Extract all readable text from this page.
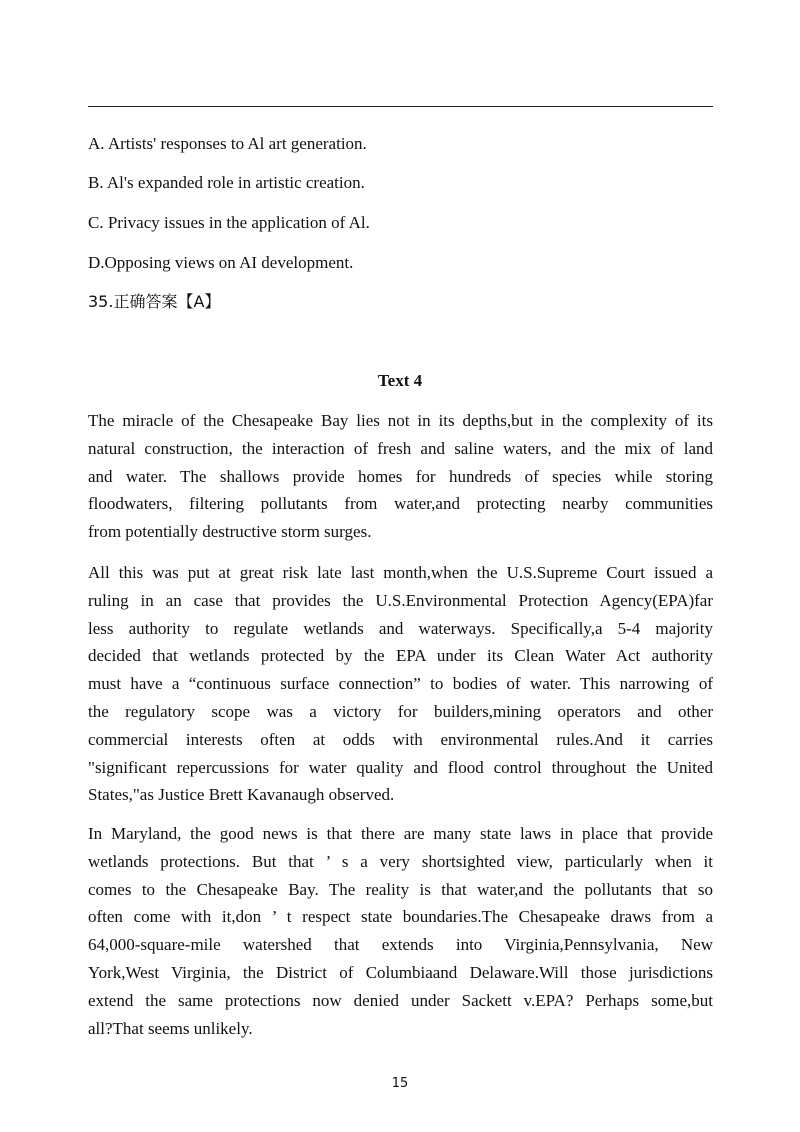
A. Artists' responses to Al art generation.
B. Al's expanded role in artistic creation.
C. Privacy issues in the application of Al.
D.Opposing views on AI development.
35.正确答案【A】
Text 4
The miracle of the Chesapeake Bay lies not in its depths,but in the complexity of its
natural construction, the interaction of fresh and saline waters, and the mix of land
and water. The shallows provide homes for hundreds of species while storing
floodwaters, filtering pollutants from water,and protecting nearby communities
from potentially destructive storm surges.
All this was put at great risk late last month,when the U.S.Supreme Court issued a
ruling in an case that provides the U.S.Environmental Protection Agency(EPA)far
less authority to regulate wetlands and waterways. Specifically,a 5-4 majority
decided that wetlands protected by the EPA under its Clean Water Act authority
must have a “continuous surface connection” to bodies of water. This narrowing of
the regulatory scope was a victory for builders,mining operators and other
commercial interests often at odds with environmental rules.And it carries
"significant repercussions for water quality and flood control throughout the United
States,"as Justice Brett Kavanaugh observed.
In Maryland, the good news is that there are many state laws in place that provide
wetlands protections. But that ’ s a very shortsighted view, particularly when it
comes to the Chesapeake Bay. The reality is that water,and the pollutants that so
often come with it,don ’ t respect state boundaries.The Chesapeake draws from a
64,000-square-mile watershed that extends into Virginia,Pennsylvania, New
York,West Virginia, the District of Columbiaand Delaware.Will those jurisdictions
extend the same protections now denied under Sackett v.EPA? Perhaps some,but
all?That seems unlikely.
15
